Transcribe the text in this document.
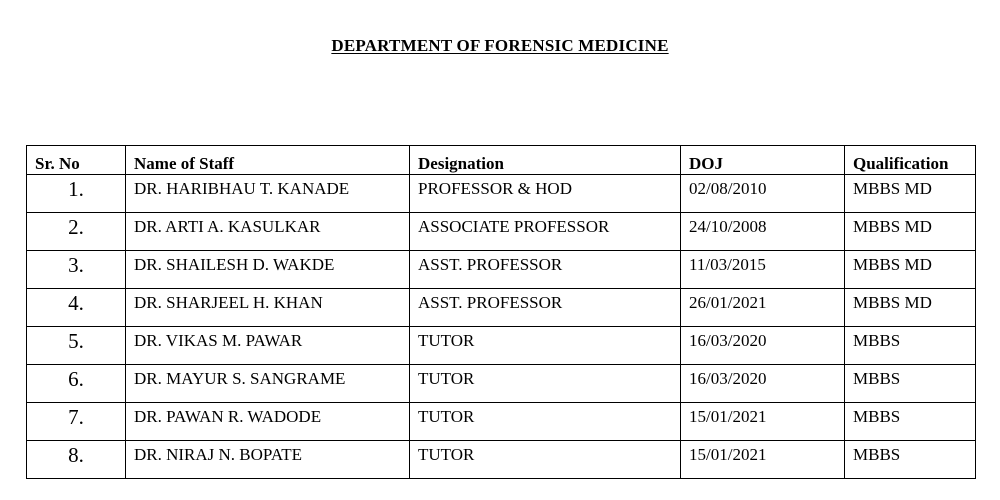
DEPARTMENT OF FORENSIC MEDICINE
Sr. No	Name of Staff	Designation	DOJ	Qualification
1.	DR. HARIBHAU T. KANADE	PROFESSOR & HOD	02/08/2010	MBBS MD
2.	DR. ARTI A. KASULKAR	ASSOCIATE PROFESSOR	24/10/2008	MBBS MD
3.	DR. SHAILESH D. WAKDE	ASST. PROFESSOR	11/03/2015	MBBS MD
4.	DR. SHARJEEL H. KHAN	ASST. PROFESSOR	26/01/2021	MBBS MD
5.	DR. VIKAS M. PAWAR	TUTOR	16/03/2020	MBBS
6.	DR. MAYUR S. SANGRAME	TUTOR	16/03/2020	MBBS
7.	DR. PAWAN R. WADODE	TUTOR	15/01/2021	MBBS
8.	DR. NIRAJ N. BOPATE	TUTOR	15/01/2021	MBBS
